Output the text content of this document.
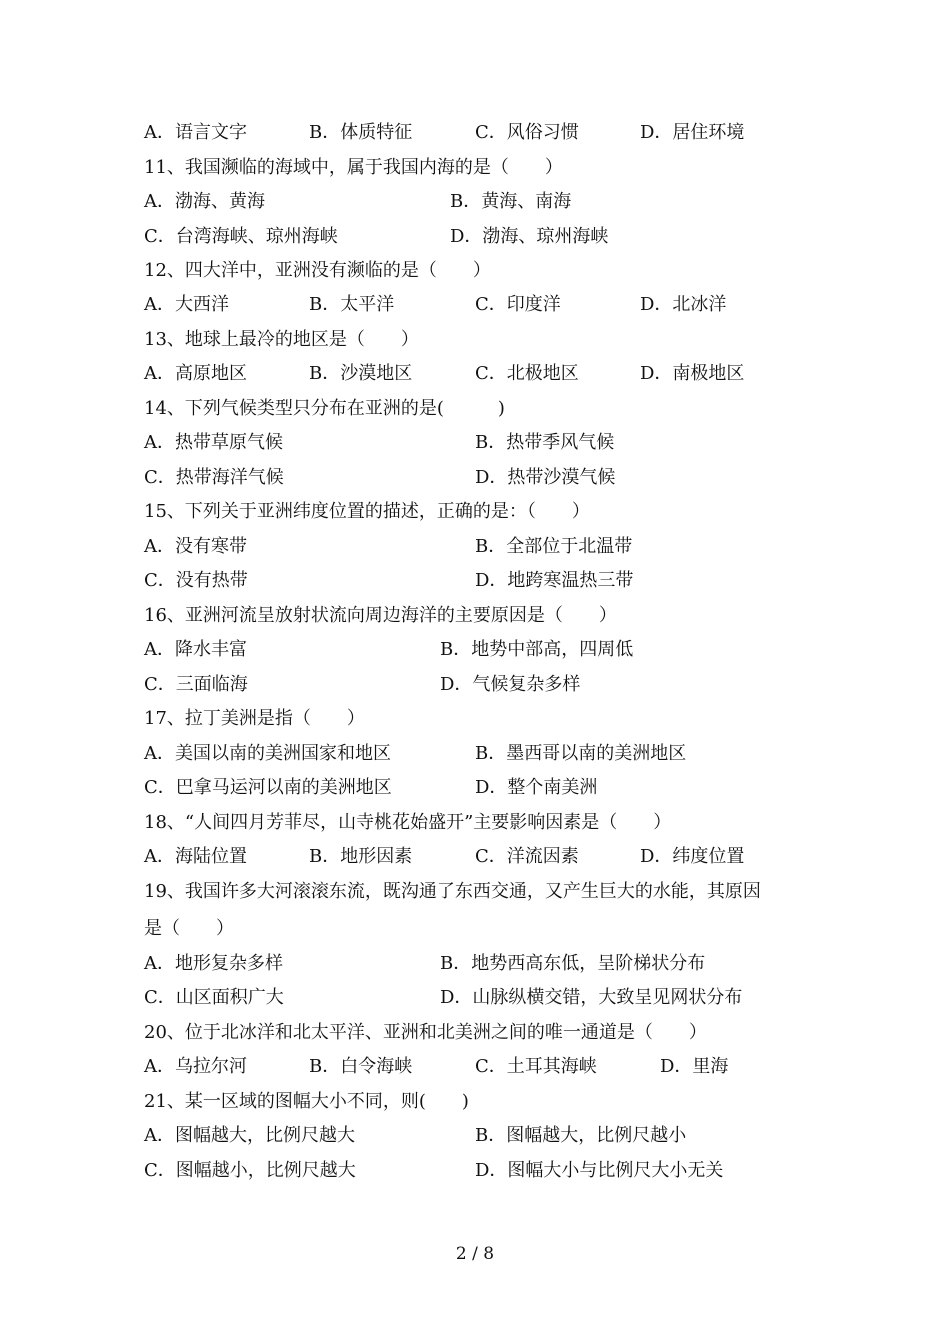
A．语言文字	B．体质特征	C．风俗习惯	D．居住环境
11、我国濒临的海域中，属于我国内海的是（　　）
A．渤海、黄海	B．黄海、南海
C．台湾海峡、琼州海峡	D．渤海、琼州海峡
12、四大洋中，亚洲没有濒临的是（　　）
A．大西洋	B．太平洋	C．印度洋	D．北冰洋
13、地球上最冷的地区是（　　）
A．高原地区	B．沙漠地区	C．北极地区	D．南极地区
14、下列气候类型只分布在亚洲的是(　　　)
A．热带草原气候	B．热带季风气候
C．热带海洋气候	D．热带沙漠气候
15、下列关于亚洲纬度位置的描述，正确的是：（　　）
A．没有寒带	B．全部位于北温带
C．没有热带	D．地跨寒温热三带
16、亚洲河流呈放射状流向周边海洋的主要原因是（　　）
A．降水丰富	B．地势中部高，四周低
C．三面临海	D．气候复杂多样
17、拉丁美洲是指（　　）
A．美国以南的美洲国家和地区	B．墨西哥以南的美洲地区
C．巴拿马运河以南的美洲地区	D．整个南美洲
18、“人间四月芳菲尽，山寺桃花始盛开”主要影响因素是（　　）
A．海陆位置	B．地形因素	C．洋流因素	D．纬度位置
19、我国许多大河滚滚东流，既沟通了东西交通，又产生巨大的水能，其原因
是（　　）
A．地形复杂多样	B．地势西高东低，呈阶梯状分布
C．山区面积广大	D．山脉纵横交错，大致呈见网状分布
20、位于北冰洋和北太平洋、亚洲和北美洲之间的唯一通道是（　　）
A．乌拉尔河	B．白令海峡	C．土耳其海峡	D．里海
21、某一区域的图幅大小不同，则(　　)
A．图幅越大，比例尺越大	B．图幅越大，比例尺越小
C．图幅越小，比例尺越大	D．图幅大小与比例尺大小无关
2 / 8
